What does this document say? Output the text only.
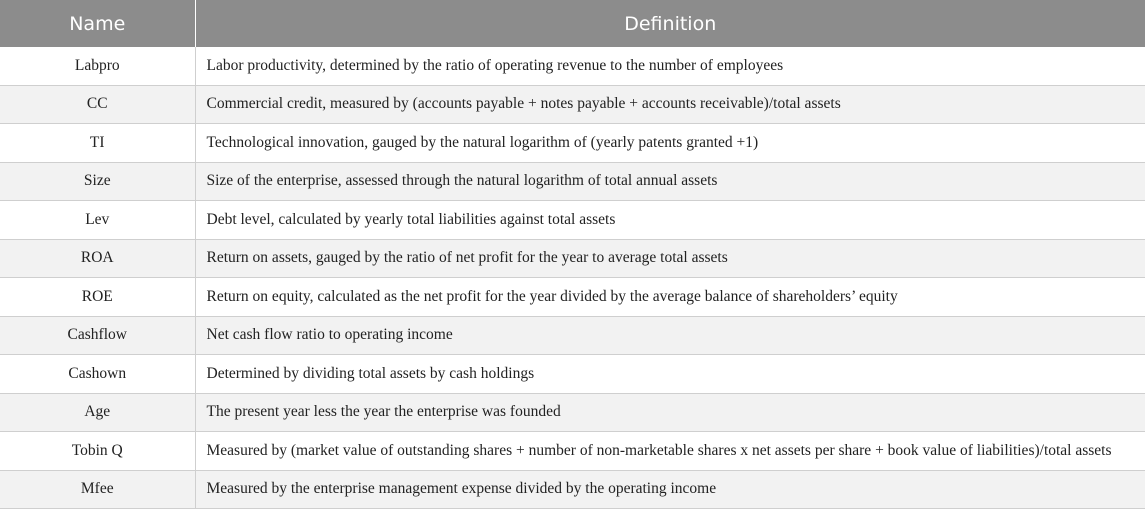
Name	Definition
Labpro	Labor productivity, determined by the ratio of operating revenue to the number of employees
CC	Commercial credit, measured by (accounts payable + notes payable + accounts receivable)/total assets
TI	Technological innovation, gauged by the natural logarithm of (yearly patents granted +1)
Size	Size of the enterprise, assessed through the natural logarithm of total annual assets
Lev	Debt level, calculated by yearly total liabilities against total assets
ROA	Return on assets, gauged by the ratio of net profit for the year to average total assets
ROE	Return on equity, calculated as the net profit for the year divided by the average balance of shareholders’ equity
Cashflow	Net cash flow ratio to operating income
Cashown	Determined by dividing total assets by cash holdings
Age	The present year less the year the enterprise was founded
Tobin Q	Measured by (market value of outstanding shares + number of non-marketable shares x net assets per share + book value of liabilities)/total assets
Mfee	Measured by the enterprise management expense divided by the operating income
